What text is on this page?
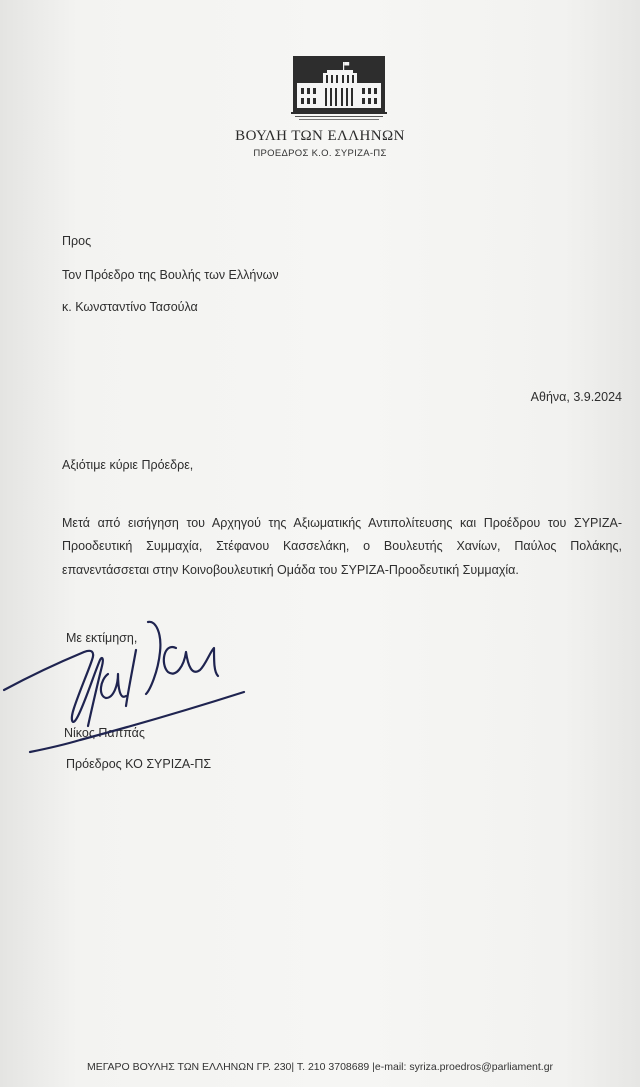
ΒΟΥΛΗ ΤΩΝ ΕΛΛΗΝΩΝ
ΠΡΟΕΔΡΟΣ Κ.Ο. ΣΥΡΙΖΑ-ΠΣ
Προς
Τον Πρόεδρο της Βουλής των Ελλήνων
κ. Κωνσταντίνο Τασούλα
Αθήνα, 3.9.2024
Αξιότιμε κύριε Πρόεδρε,
Μετά από εισήγηση του Αρχηγού της Αξιωματικής Αντιπολίτευσης και Προέδρου του ΣΥΡΙΖΑ-Προοδευτική Συμμαχία, Στέφανου Κασσελάκη, ο Βουλευτής Χανίων, Παύλος Πολάκης, επανεντάσσεται στην Κοινοβουλευτική Ομάδα του ΣΥΡΙΖΑ-Προοδευτική Συμμαχία.
Με εκτίμηση,
Νίκος Παππάς
Πρόεδρος ΚΟ ΣΥΡΙΖΑ-ΠΣ
ΜΕΓΑΡΟ ΒΟΥΛΗΣ ΤΩΝ ΕΛΛΗΝΩΝ ΓΡ. 230| Τ. 210 3708689 |e-mail: syriza.proedros@parliament.gr
